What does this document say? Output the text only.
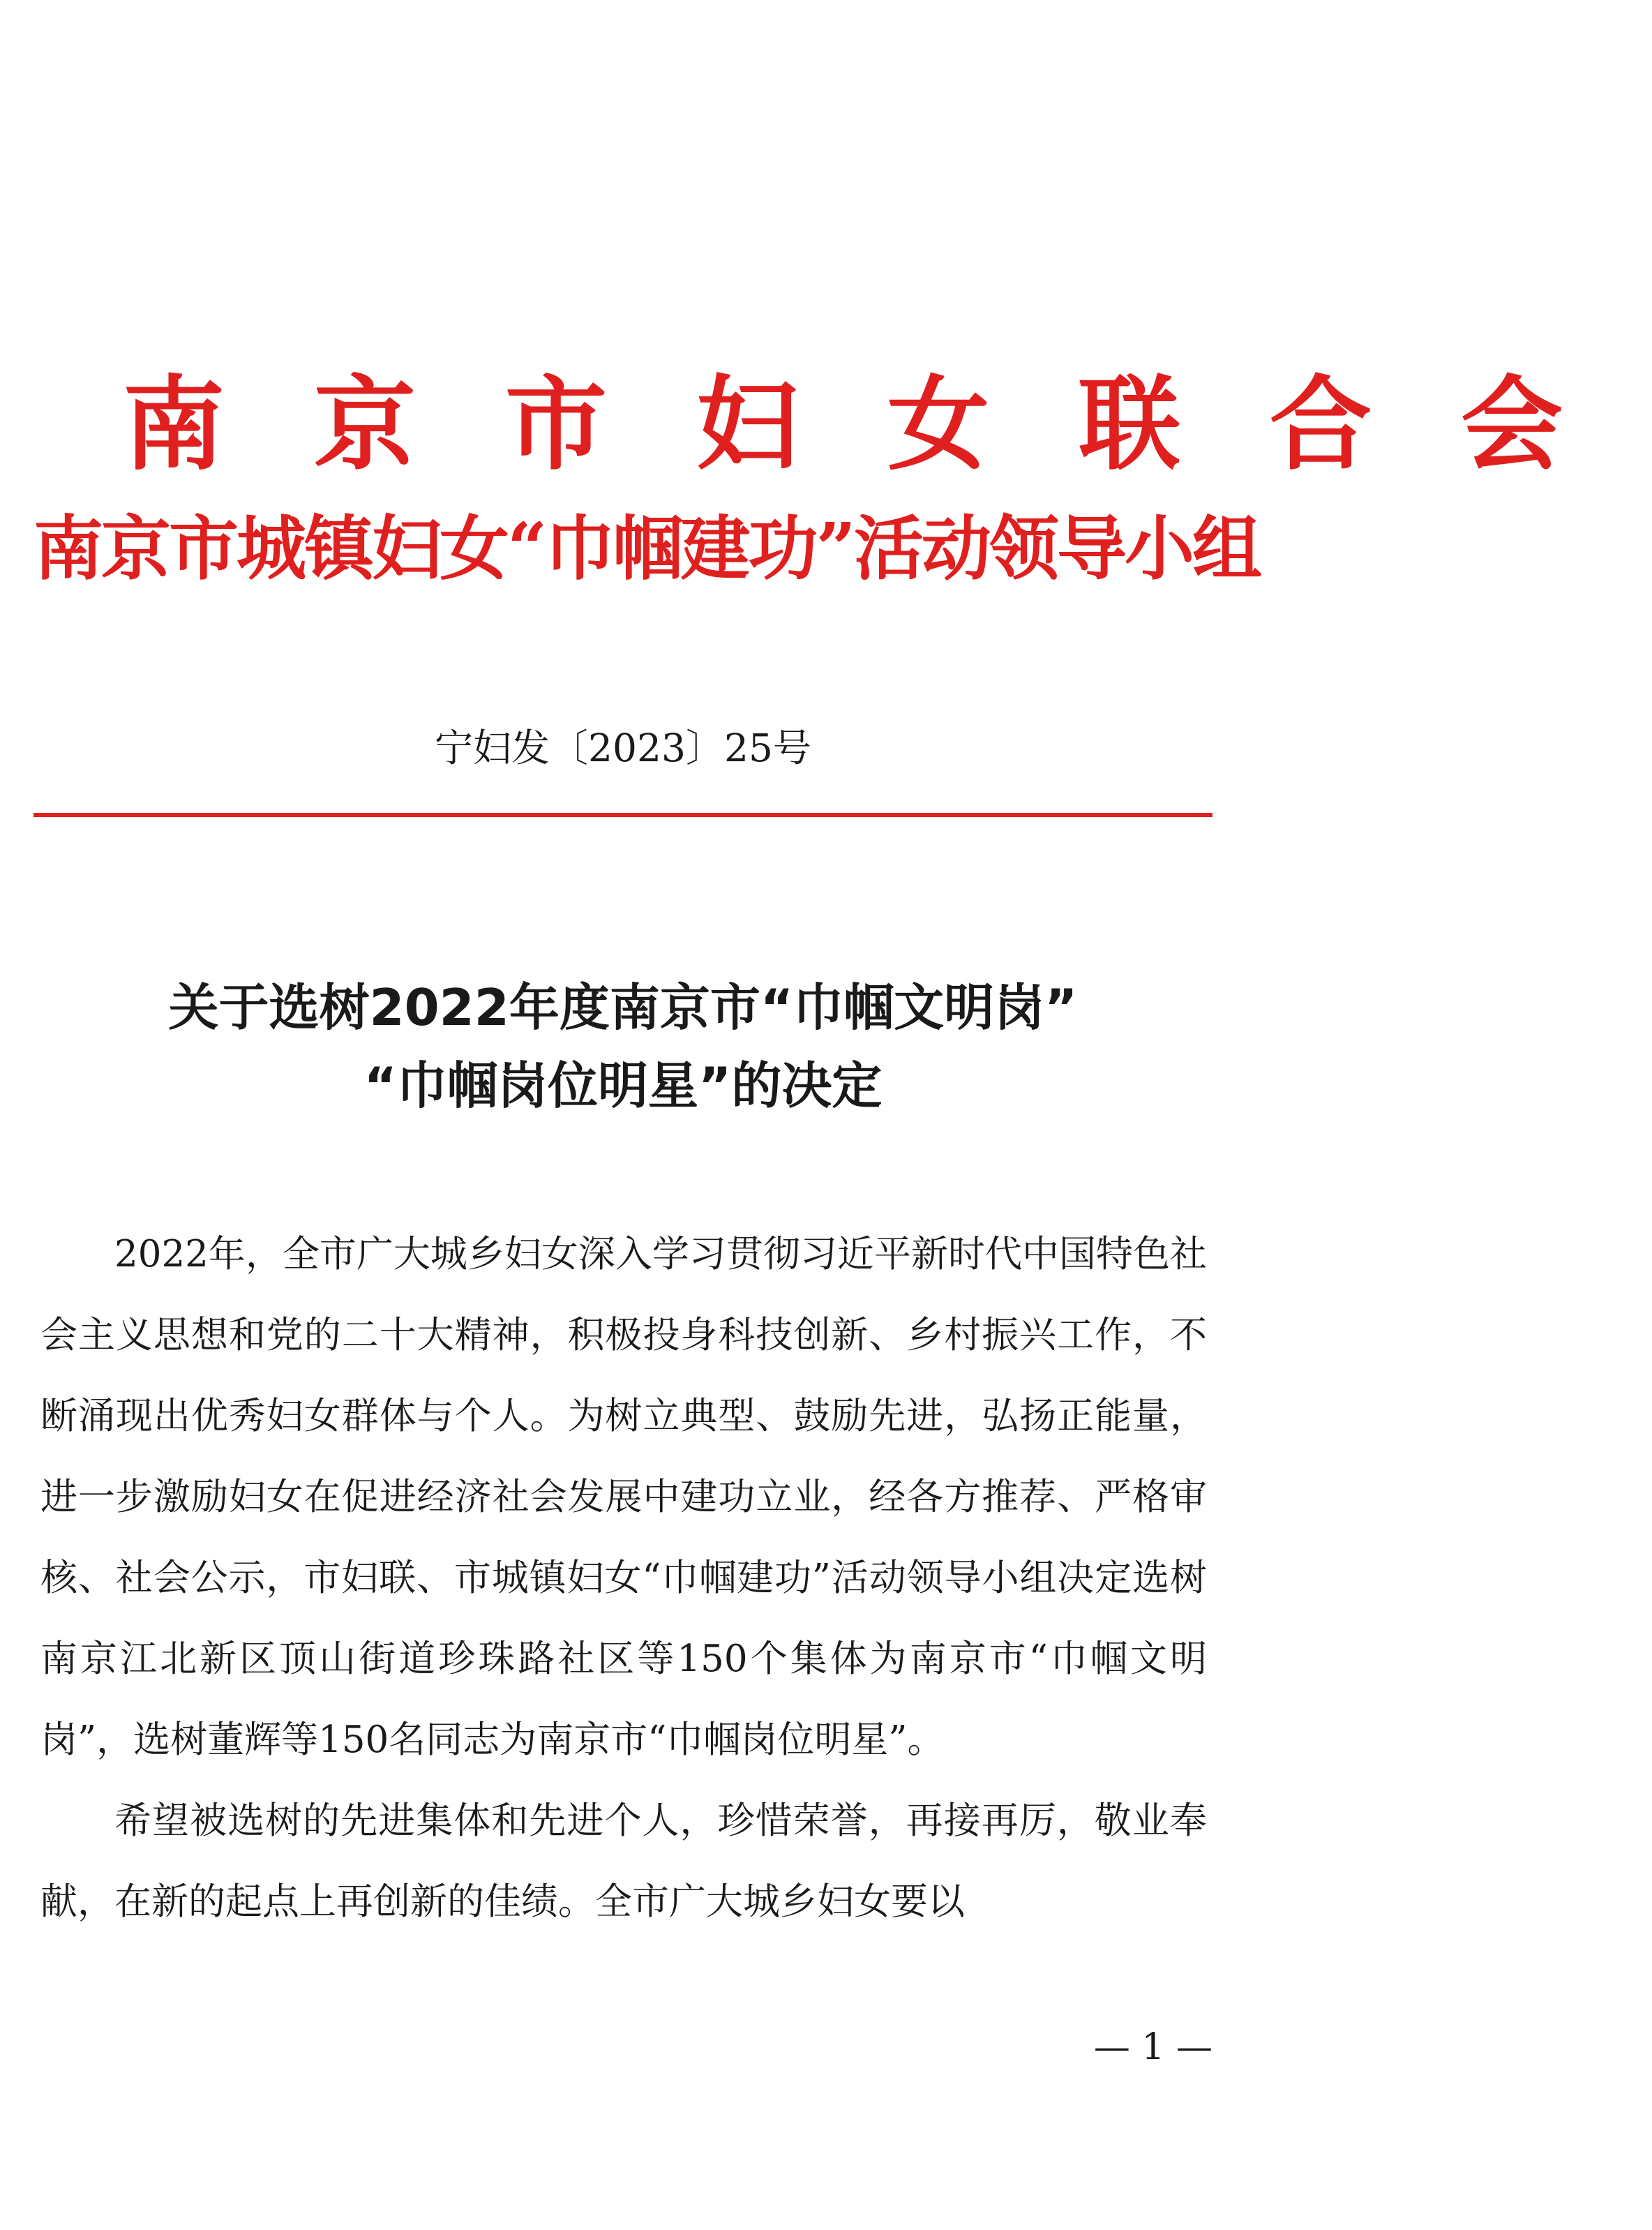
南京市妇女联合会
南京市城镇妇女“巾帼建功”活动领导小组
宁妇发〔2023〕25号
关于选树2022年度南京市“巾帼文明岗”
“巾帼岗位明星”的决定

2022年，全市广大城乡妇女深入学习贯彻习近平新时代中国特色社会主义思想和党的二十大精神，积极投身科技创新、乡村振兴工作，不断涌现出优秀妇女群体与个人。为树立典型、鼓励先进，弘扬正能量，进一步激励妇女在促进经济社会发展中建功立业，经各方推荐、严格审核、社会公示，市妇联、市城镇妇女“巾帼建功”活动领导小组决定选树南京江北新区顶山街道珍珠路社区等150个集体为南京市“巾帼文明岗”，选树董辉等150名同志为南京市“巾帼岗位明星”。

希望被选树的先进集体和先进个人，珍惜荣誉，再接再厉，敬业奉献，在新的起点上再创新的佳绩。全市广大城乡妇女要以

— 1 —
